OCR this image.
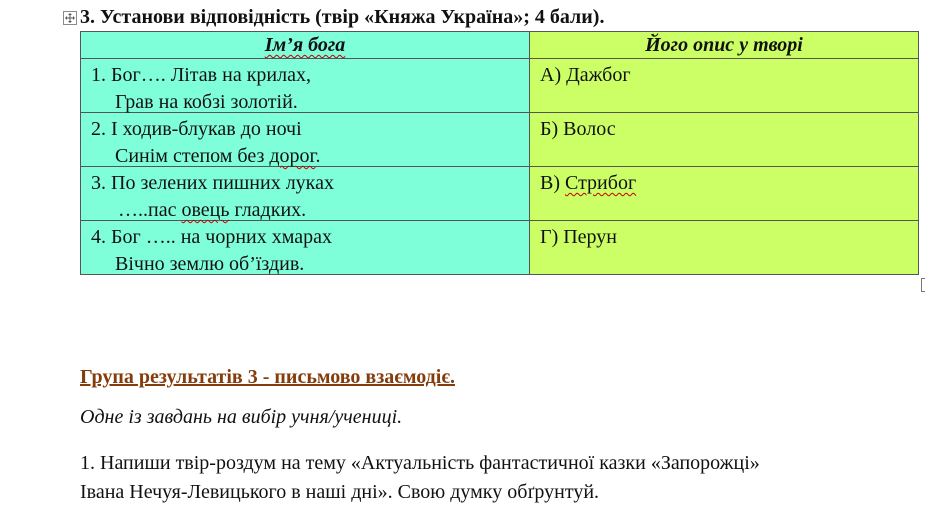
3. Установи відповідність (твір «Княжа Україна»; 4 бали).
Ім’я бога	Його опис у творі

1. Бог…. Літав на крилах,
Грав на кобзі золотій.	А) Дажбог

2. І ходив-блукав до ночі
Синім степом без дорог.	Б) Волос

3. По зелених пишних луках
…..пас овець гладких.	В) Стрибог

4. Бог ….. на чорних хмарах
Вічно землю об’їздив.	Г) Перун
Група результатів 3 - письмово взаємодіє.
Одне із завдань на вибір учня/учениці.
1. Напиши твір-роздум на тему «Актуальність фантастичної казки «Запорожці»
Івана Нечуя-Левицького в наші дні». Свою думку обґрунтуй.
